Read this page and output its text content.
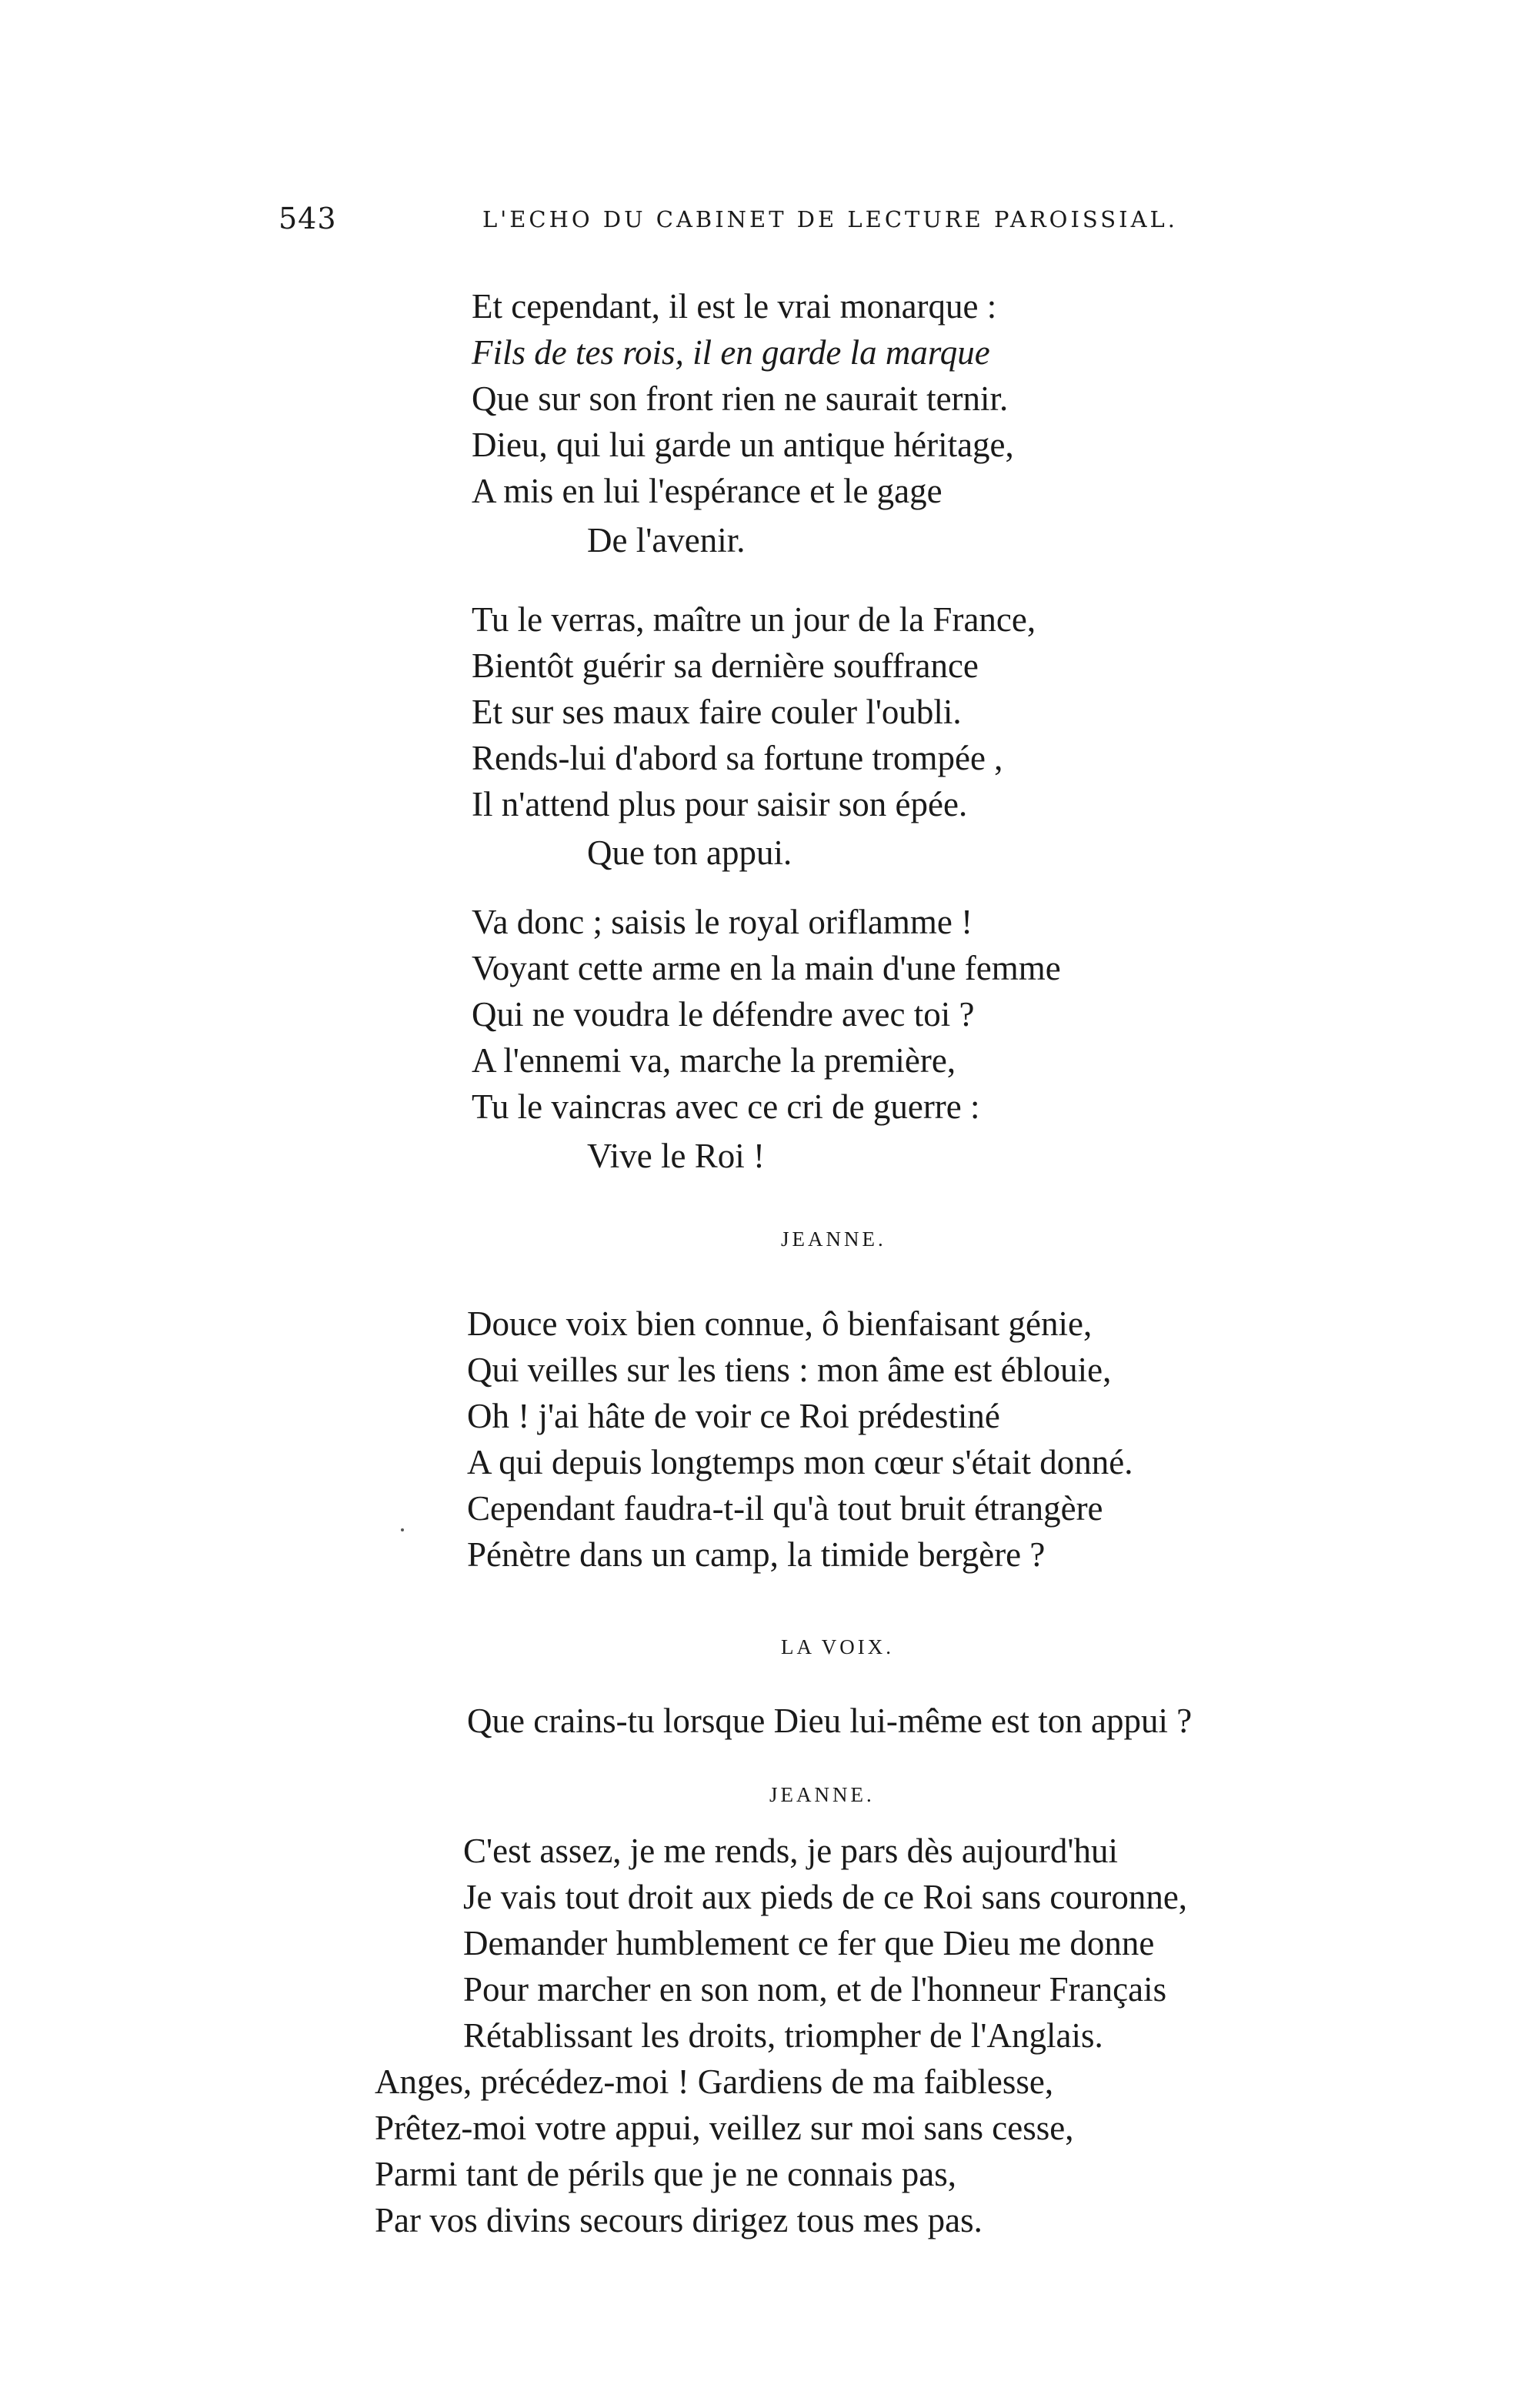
543	L'ECHO DU CABINET DE LECTURE PAROISSIAL.
Et cependant, il est le vrai monarque :
Fils de tes rois, il en garde la marque
Que sur son front rien ne saurait ternir.
Dieu, qui lui garde un antique héritage,
A mis en lui l'espérance et le gage
De l'avenir.
Tu le verras, maître un jour de la France,
Bientôt guérir sa dernière souffrance
Et sur ses maux faire couler l'oubli.
Rends-lui d'abord sa fortune trompée ,
Il n'attend plus pour saisir son épée.
Que ton appui.
Va donc ; saisis le royal oriflamme !
Voyant cette arme en la main d'une femme
Qui ne voudra le défendre avec toi ?
A l'ennemi va, marche la première,
Tu le vaincras avec ce cri de guerre :
Vive le Roi !
JEANNE.
Douce voix bien connue, ô bienfaisant génie,
Qui veilles sur les tiens : mon âme est éblouie,
Oh ! j'ai hâte de voir ce Roi prédestiné
A qui depuis longtemps mon cœur s'était donné.
Cependant faudra-t-il qu'à tout bruit étrangère
Pénètre dans un camp, la timide bergère ?
LA VOIX.
Que crains-tu lorsque Dieu lui-même est ton appui ?
JEANNE.
C'est assez, je me rends, je pars dès aujourd'hui
Je vais tout droit aux pieds de ce Roi sans couronne,
Demander humblement ce fer que Dieu me donne
Pour marcher en son nom, et de l'honneur Français
Rétablissant les droits, triompher de l'Anglais.
Anges, précédez-moi ! Gardiens de ma faiblesse,
Prêtez-moi votre appui, veillez sur moi sans cesse,
Parmi tant de périls que je ne connais pas,
Par vos divins secours dirigez tous mes pas.
